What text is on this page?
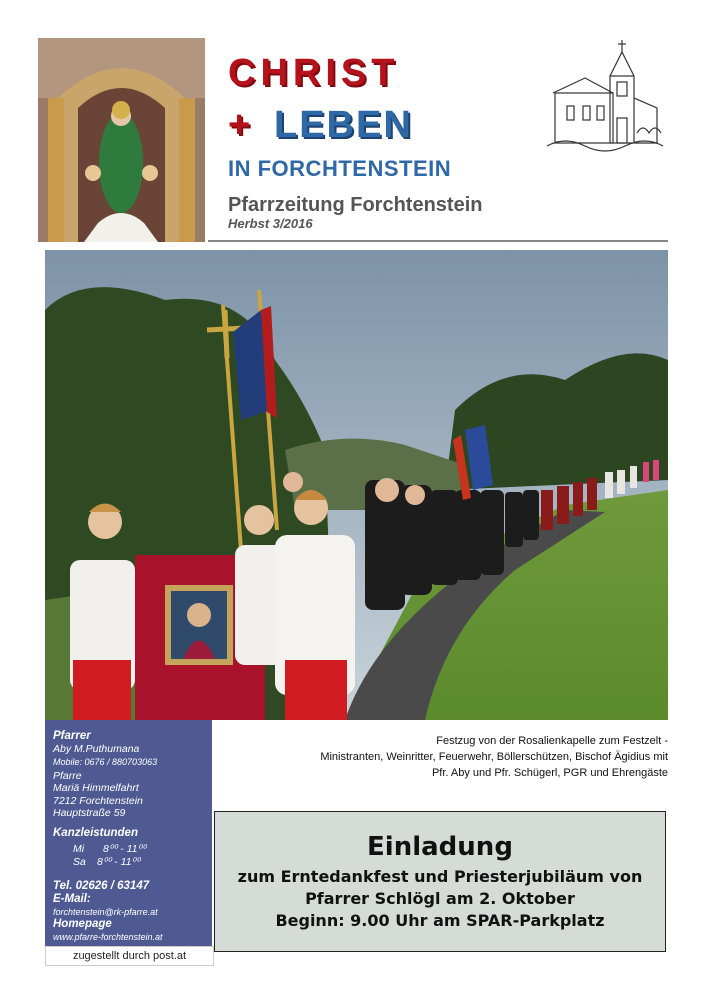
CHRIST
+ LEBEN
IN FORCHTENSTEIN
Pfarrzeitung Forchtenstein
Herbst 3/2016
Pfarrer
Aby M.Puthumana
Mobile: 0676 / 880703063
Pfarre
Mariä Himmelfahrt
7212 Forchtenstein
Hauptstraße 59
Kanzleistunden
Mi 8⁰⁰ - 11⁰⁰
Sa 8⁰⁰ - 11⁰⁰
Tel. 02626 / 63147
E-Mail:
forchtenstein@rk-pfarre.at
Homepage
www.pfarre-forchtenstein.at
zugestellt durch post.at
Festzug von der Rosalienkapelle zum Festzelt -
Ministranten, Weinritter, Feuerwehr, Böllerschützen, Bischof Ägidius mit
Pfr. Aby und Pfr. Schügerl, PGR und Ehrengäste
Einladung
zum Erntedankfest und Priesterjubiläum von
Pfarrer Schlögl am 2. Oktober
Beginn: 9.00 Uhr am SPAR-Parkplatz
